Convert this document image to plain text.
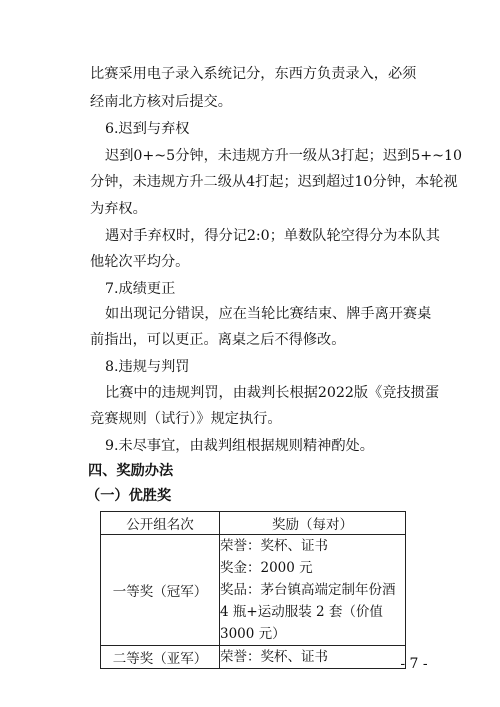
比赛采用电子录入系统记分，东西方负责录入，必须
经南北方核对后提交。
6.迟到与弃权
迟到0+~5分钟，未违规方升一级从3打起；迟到5+~10
分钟，未违规方升二级从4打起；迟到超过10分钟，本轮视
为弃权。
遇对手弃权时，得分记2:0；单数队轮空得分为本队其
他轮次平均分。
7.成绩更正
如出现记分错误，应在当轮比赛结束、牌手离开赛桌
前指出，可以更正。离桌之后不得修改。
8.违规与判罚
比赛中的违规判罚，由裁判长根据2022版《竞技掼蛋
竞赛规则（试行）》规定执行。
9.未尽事宜，由裁判组根据规则精神酌处。
四、奖励办法
（一）优胜奖
公开组名次	奖励（每对）
一等奖（冠军）	荣誉：奖杯、证书
奖金：2000 元
奖品：茅台镇高端定制年份酒 4 瓶+运动服装 2 套（价值 3000 元）

二等奖（亚军）	荣誉：奖杯、证书	- 7 -
